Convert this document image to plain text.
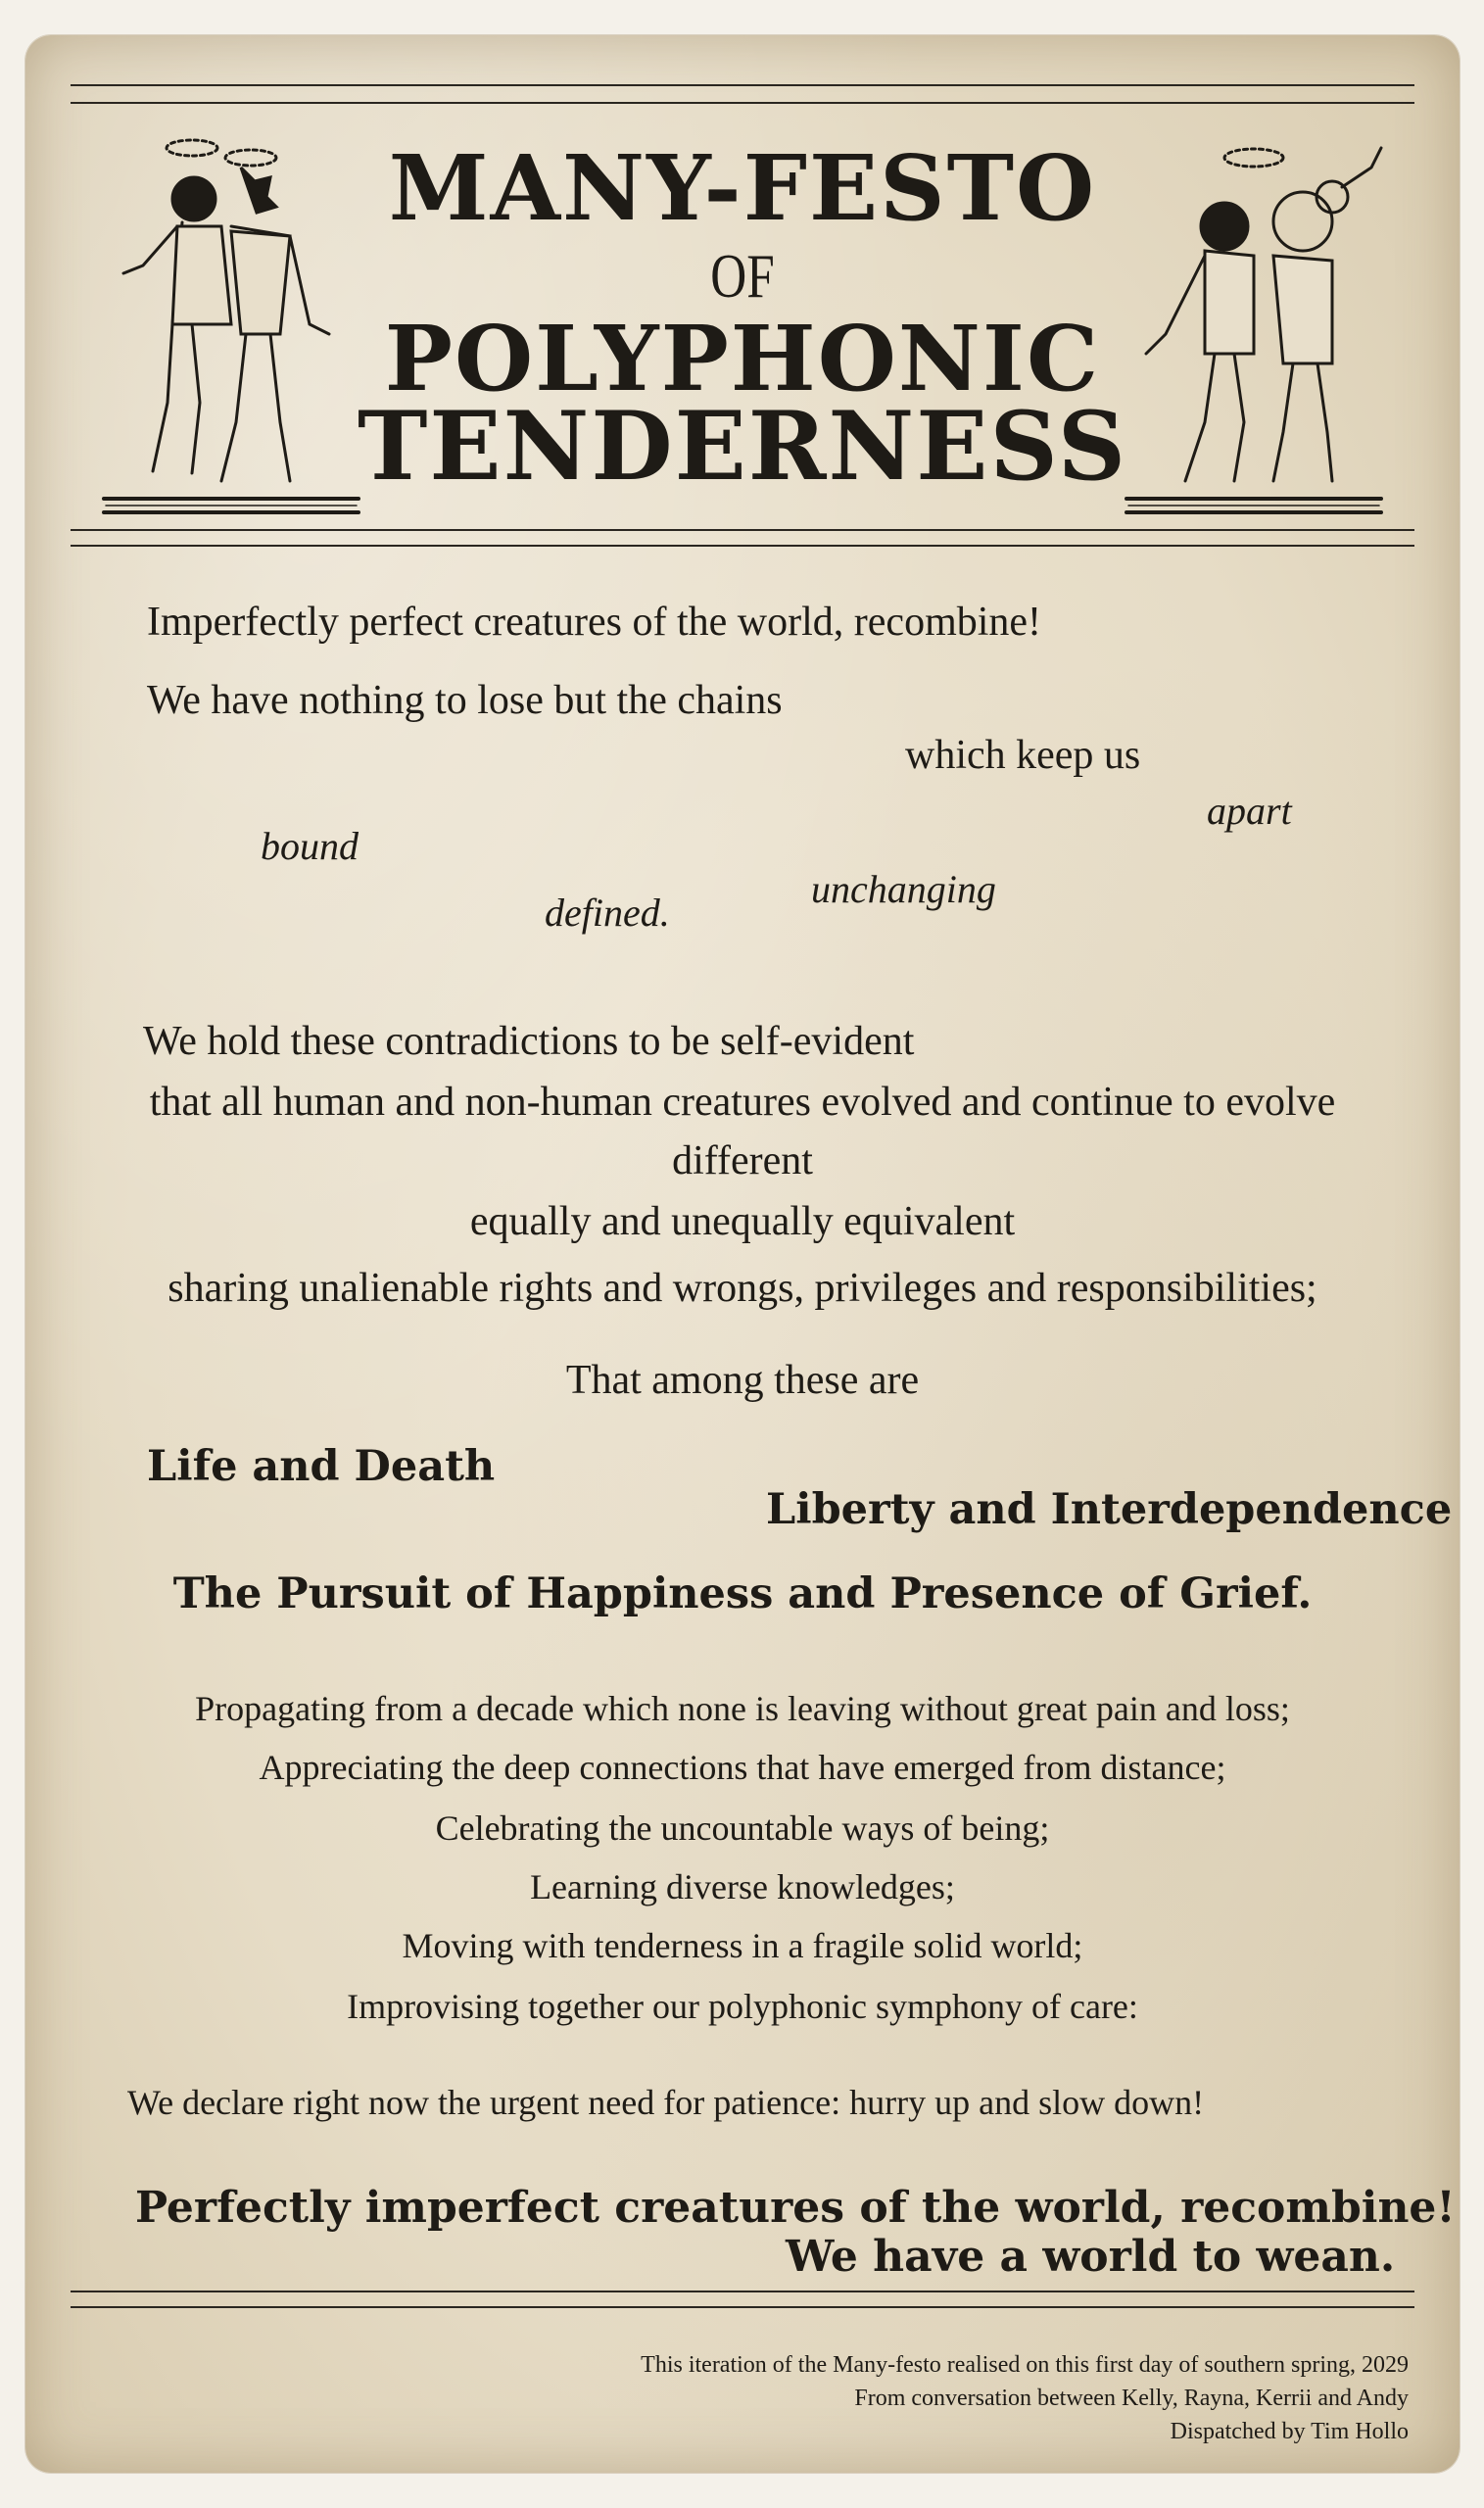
MANY-FESTO
OF
POLYPHONIC
TENDERNESS
Imperfectly perfect creatures of the world, recombine!
We have nothing to lose but the chains
which keep us
apart
bound
unchanging
defined.
We hold these contradictions to be self-evident
that all human and non-human creatures evolved and continue to evolve
different
equally and unequally equivalent
sharing unalienable rights and wrongs, privileges and responsibilities;
That among these are
Life and Death
Liberty and Interdependence
The Pursuit of Happiness and Presence of Grief.
Propagating from a decade which none is leaving without great pain and loss;
Appreciating the deep connections that have emerged from distance;
Celebrating the uncountable ways of being;
Learning diverse knowledges;
Moving with tenderness in a fragile solid world;
Improvising together our polyphonic symphony of care:
We declare right now the urgent need for patience: hurry up and slow down!
Perfectly imperfect creatures of the world, recombine!
We have a world to wean.
This iteration of the Many-festo realised on this first day of southern spring, 2029
From conversation between Kelly, Rayna, Kerrii and Andy
Dispatched by Tim Hollo
